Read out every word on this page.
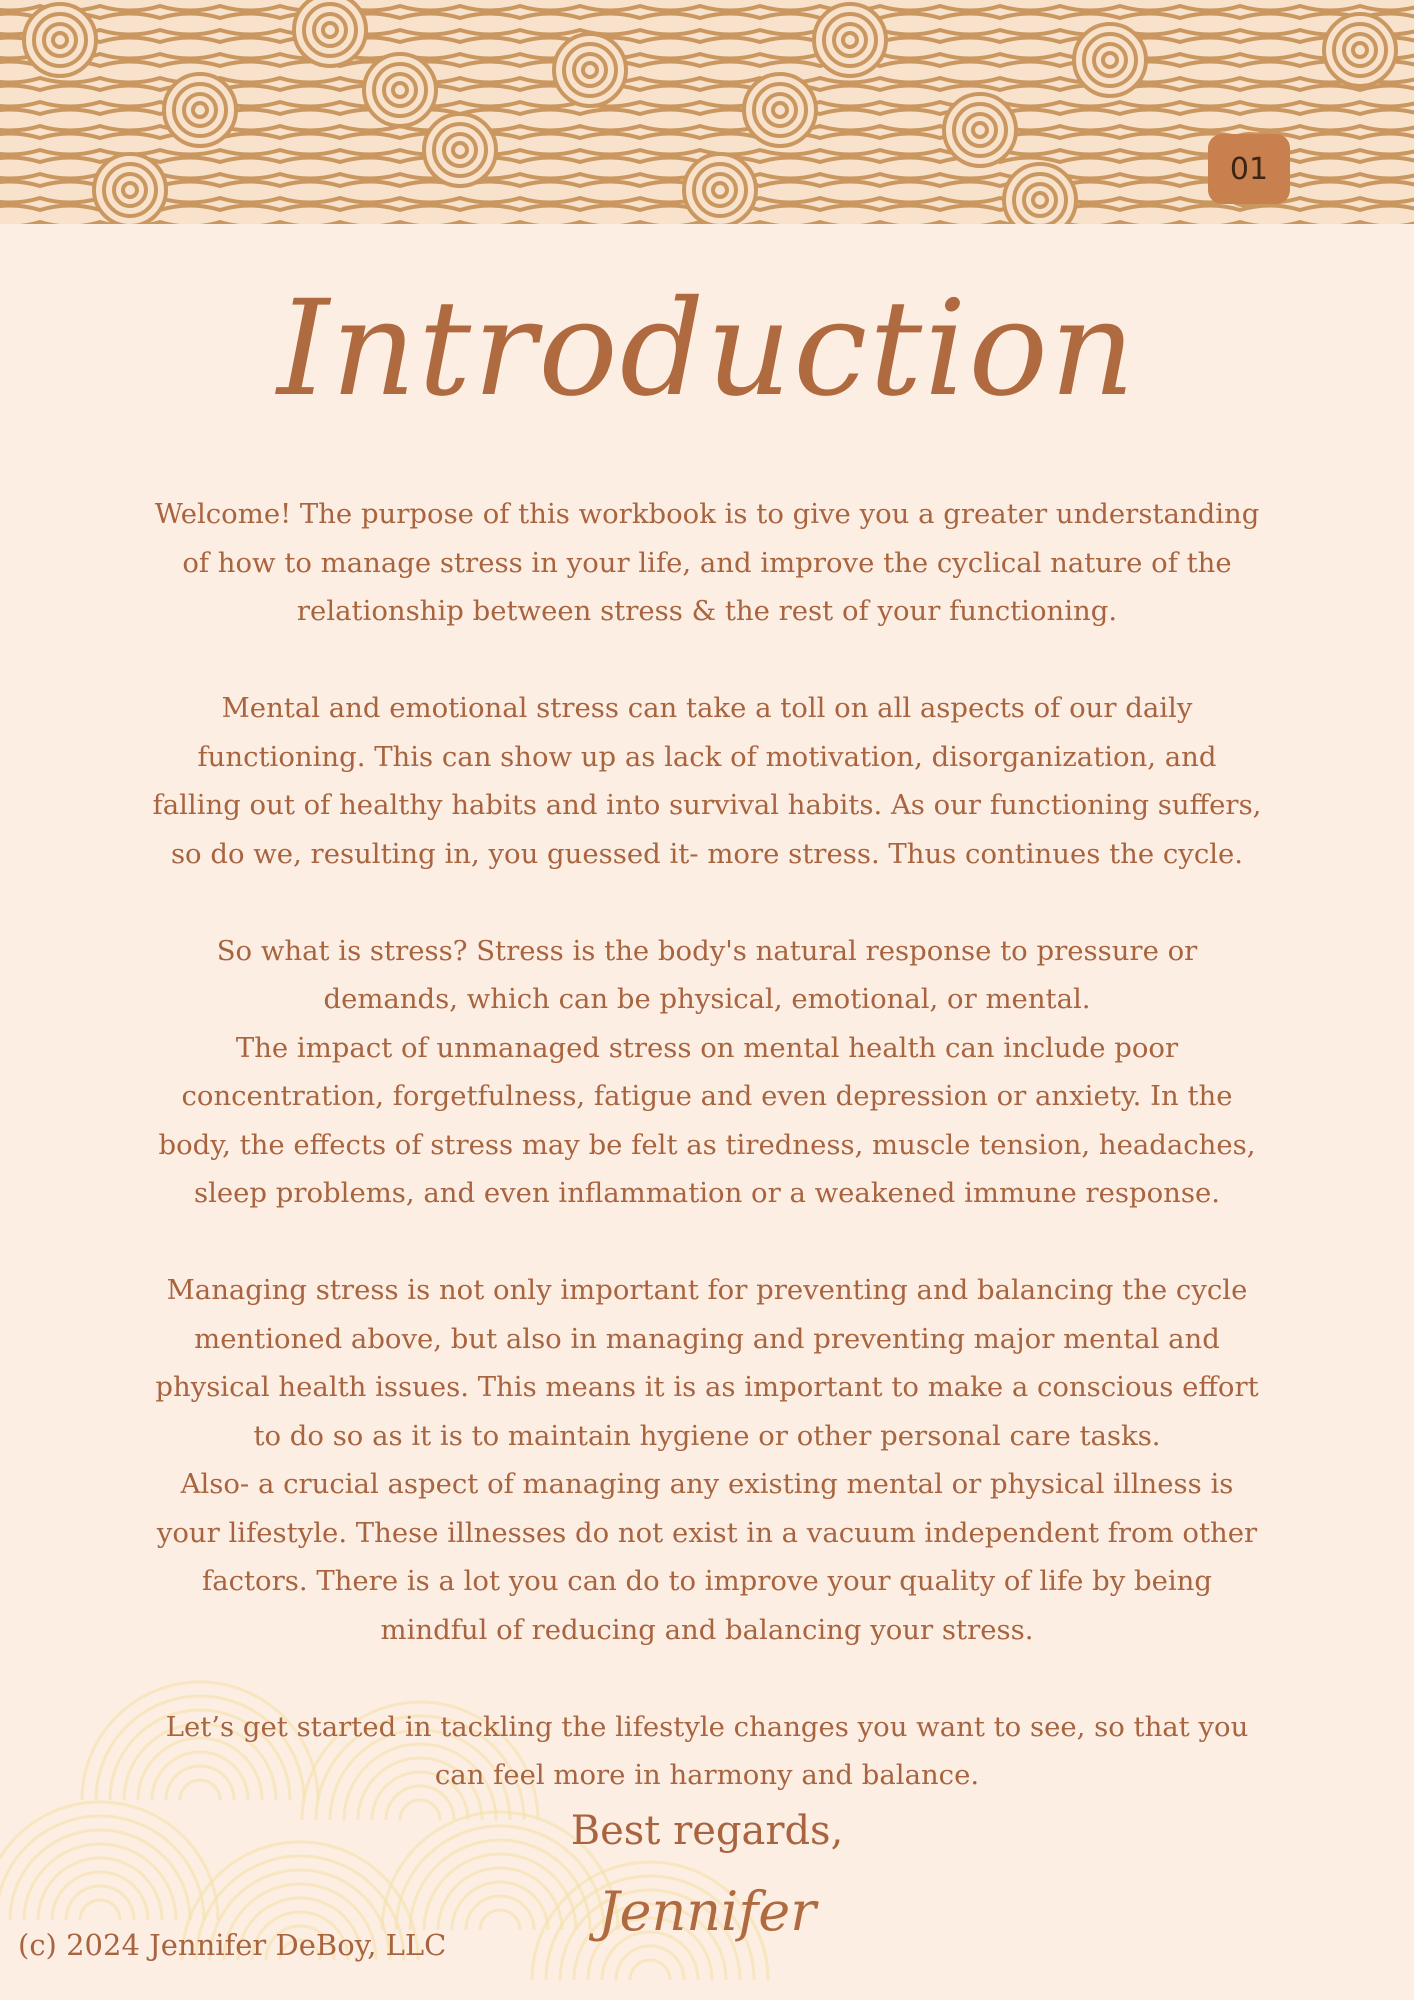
01
Introduction

Welcome! The purpose of this workbook is to give you a greater understanding of how to manage stress in your life, and improve the cyclical nature of the relationship between stress & the rest of your functioning.

Mental and emotional stress can take a toll on all aspects of our daily functioning. This can show up as lack of motivation, disorganization, and falling out of healthy habits and into survival habits. As our functioning suffers, so do we, resulting in, you guessed it- more stress. Thus continues the cycle.

So what is stress? Stress is the body's natural response to pressure or demands, which can be physical, emotional, or mental.

The impact of unmanaged stress on mental health can include poor concentration, forgetfulness, fatigue and even depression or anxiety. In the body, the effects of stress may be felt as tiredness, muscle tension, headaches, sleep problems, and even inflammation or a weakened immune response.

Managing stress is not only important for preventing and balancing the cycle mentioned above, but also in managing and preventing major mental and physical health issues. This means it is as important to make a conscious effort to do so as it is to maintain hygiene or other personal care tasks.

Also- a crucial aspect of managing any existing mental or physical illness is your lifestyle. These illnesses do not exist in a vacuum independent from other factors. There is a lot you can do to improve your quality of life by being mindful of reducing and balancing your stress.

Let’s get started in tackling the lifestyle changes you want to see, so that you can feel more in harmony and balance.

Best regards,
Jennifer
(c) 2024 Jennifer DeBoy, LLC
